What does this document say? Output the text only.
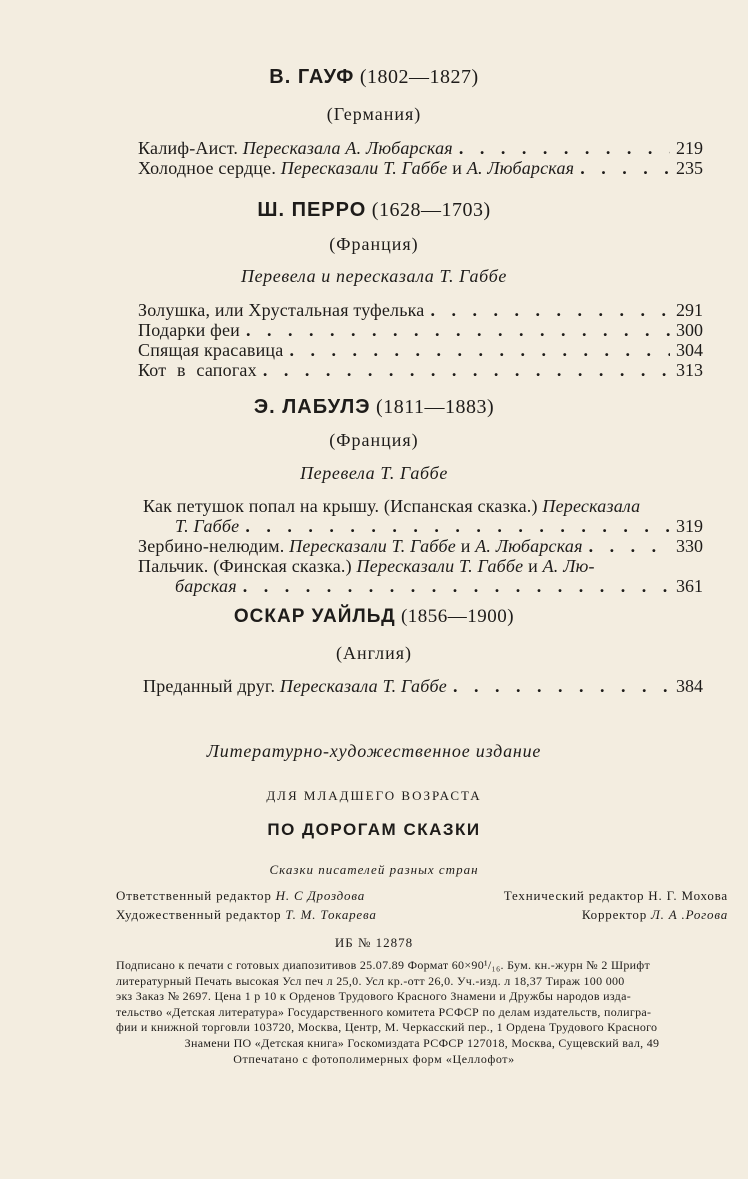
В. ГАУФ (1802—1827)
(Германия)
Калиф-Аист. Пересказала А. Любарская . . .	219
Холодное сердце. Пересказали Т. Габбе и А. Любарская . . .	235
Ш. ПЕРРО (1628—1703)
(Франция)
Перевела и пересказала Т. Габбе
Золушка, или Хрустальная туфелька . . .	291
Подарки феи . . .	300
Спящая красавица . . .	304
Кот в сапогах . . .	313
Э. ЛАБУЛЭ (1811—1883)
(Франция)
Перевела Т. Габбе
Как петушок попал на крышу. (Испанская сказка.) Пересказала
Т. Габбе . . .	319
Зербино-нелюдим. Пересказали Т. Габбе и А. Любарская . . .	330
Пальчик. (Финская сказка.) Пересказали Т. Габбе и А. Лю-
барская . . .	361
ОСКАР УАЙЛЬД (1856—1900)
(Англия)
Преданный друг. Пересказала Т. Габбе . . .	384
Литературно-художественное издание
ДЛЯ МЛАДШЕГО ВОЗРАСТА
ПО ДОРОГАМ СКАЗКИ
Сказки писателей разных стран
Ответственный редактор Н. С Дроздова
Художественный редактор Т. М. Токарева
Технический редактор Н. Г. Мохова
Корректор Л. А .Рогова
ИБ № 12878
Подписано к печати с готовых диапозитивов 25.07.89 Формат 60×90¹/₁₆. Бум. кн.-журн № 2 Шрифт
литературный Печать высокая Усл печ л 25,0. Усл кр.-отт 26,0. Уч.-изд. л 18,37 Тираж 100 000
экз Заказ № 2697. Цена 1 р 10 к Орденов Трудового Красного Знамени и Дружбы народов изда-
тельство «Детская литература» Государственного комитета РСФСР по делам издательств, полигра-
фии и книжной торговли 103720, Москва, Центр, М. Черкасский пер., 1 Ордена Трудового Красного
Знамени ПО «Детская книга» Госкомиздата РСФСР 127018, Москва, Сущевский вал, 49
Отпечатано с фотополимерных форм «Целлофот»
